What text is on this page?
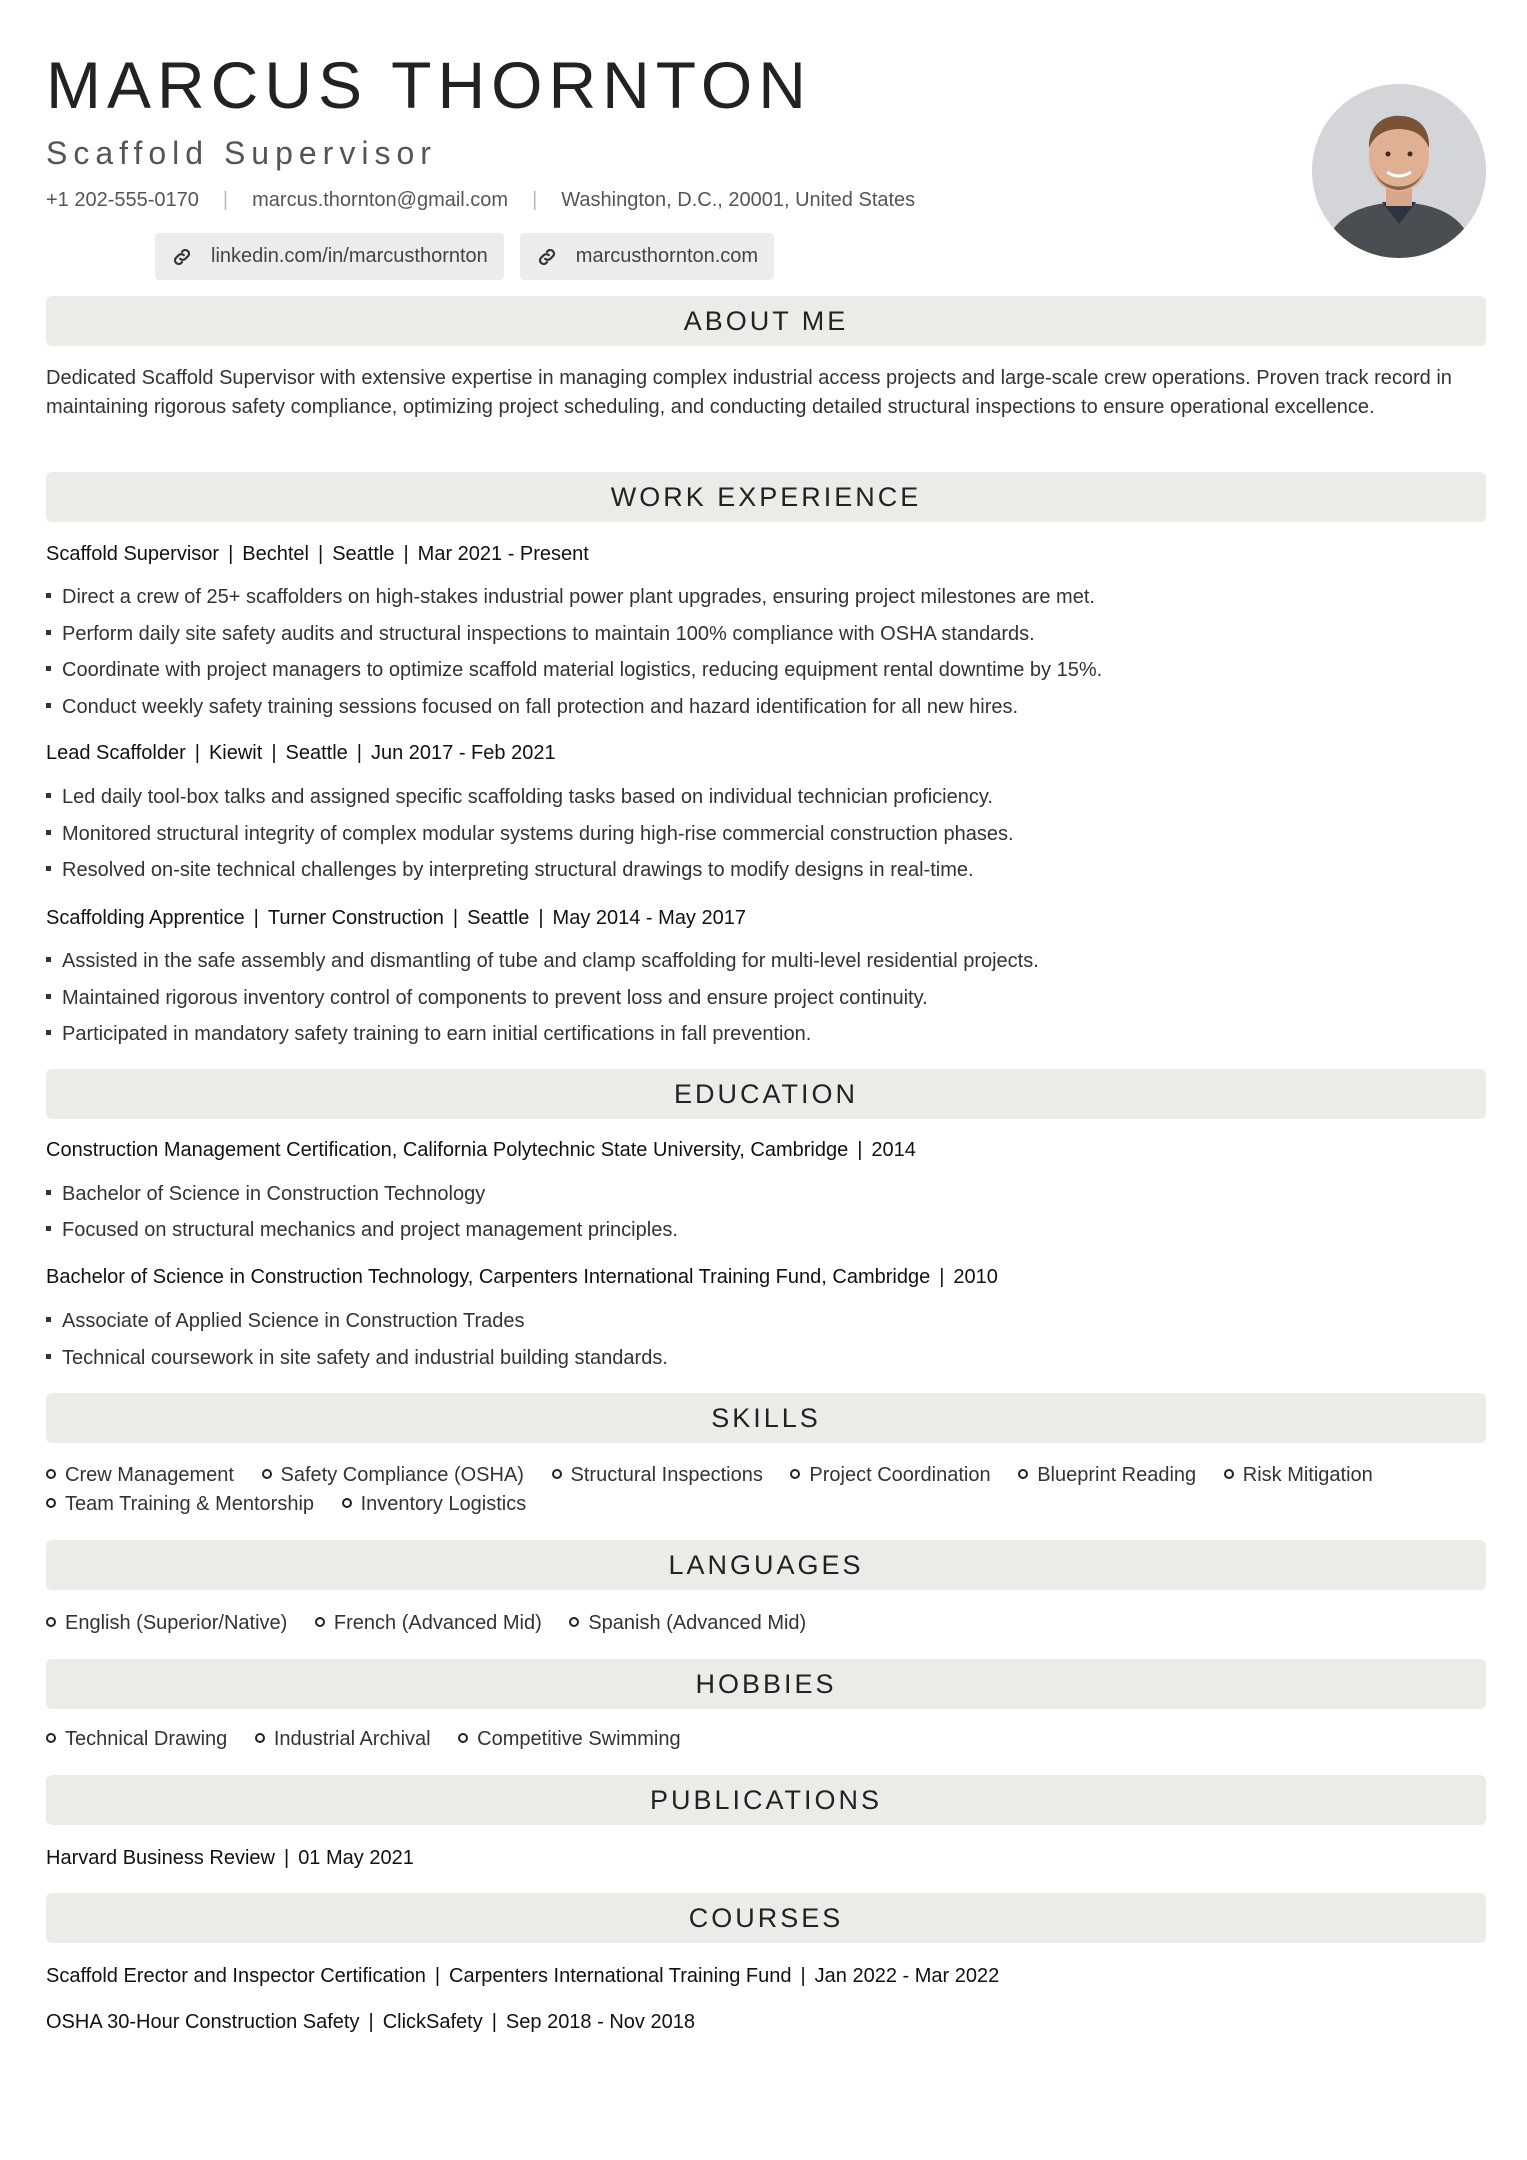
MARCUS THORNTON
Scaffold Supervisor
+1 202-555-0170 | marcus.thornton@gmail.com | Washington, D.C., 20001, United States
linkedin.com/in/marcusthornton	marcusthornton.com
ABOUT ME
Dedicated Scaffold Supervisor with extensive expertise in managing complex industrial access projects and large-scale crew operations. Proven track record in maintaining rigorous safety compliance, optimizing project scheduling, and conducting detailed structural inspections to ensure operational excellence.
WORK EXPERIENCE
Scaffold Supervisor | Bechtel | Seattle | Mar 2021 - Present
Direct a crew of 25+ scaffolders on high-stakes industrial power plant upgrades, ensuring project milestones are met.
Perform daily site safety audits and structural inspections to maintain 100% compliance with OSHA standards.
Coordinate with project managers to optimize scaffold material logistics, reducing equipment rental downtime by 15%.
Conduct weekly safety training sessions focused on fall protection and hazard identification for all new hires.
Lead Scaffolder | Kiewit | Seattle | Jun 2017 - Feb 2021
Led daily tool-box talks and assigned specific scaffolding tasks based on individual technician proficiency.
Monitored structural integrity of complex modular systems during high-rise commercial construction phases.
Resolved on-site technical challenges by interpreting structural drawings to modify designs in real-time.
Scaffolding Apprentice | Turner Construction | Seattle | May 2014 - May 2017
Assisted in the safe assembly and dismantling of tube and clamp scaffolding for multi-level residential projects.
Maintained rigorous inventory control of components to prevent loss and ensure project continuity.
Participated in mandatory safety training to earn initial certifications in fall prevention.
EDUCATION
Construction Management Certification, California Polytechnic State University, Cambridge | 2014
Bachelor of Science in Construction Technology
Focused on structural mechanics and project management principles.
Bachelor of Science in Construction Technology, Carpenters International Training Fund, Cambridge | 2010
Associate of Applied Science in Construction Trades
Technical coursework in site safety and industrial building standards.
SKILLS
Crew Management Safety Compliance (OSHA) Structural Inspections Project Coordination Blueprint Reading Risk Mitigation Team Training & Mentorship Inventory Logistics
LANGUAGES
English (Superior/Native) French (Advanced Mid) Spanish (Advanced Mid)
HOBBIES
Technical Drawing Industrial Archival Competitive Swimming
PUBLICATIONS
Harvard Business Review | 01 May 2021
COURSES
Scaffold Erector and Inspector Certification | Carpenters International Training Fund | Jan 2022 - Mar 2022
OSHA 30-Hour Construction Safety | ClickSafety | Sep 2018 - Nov 2018
